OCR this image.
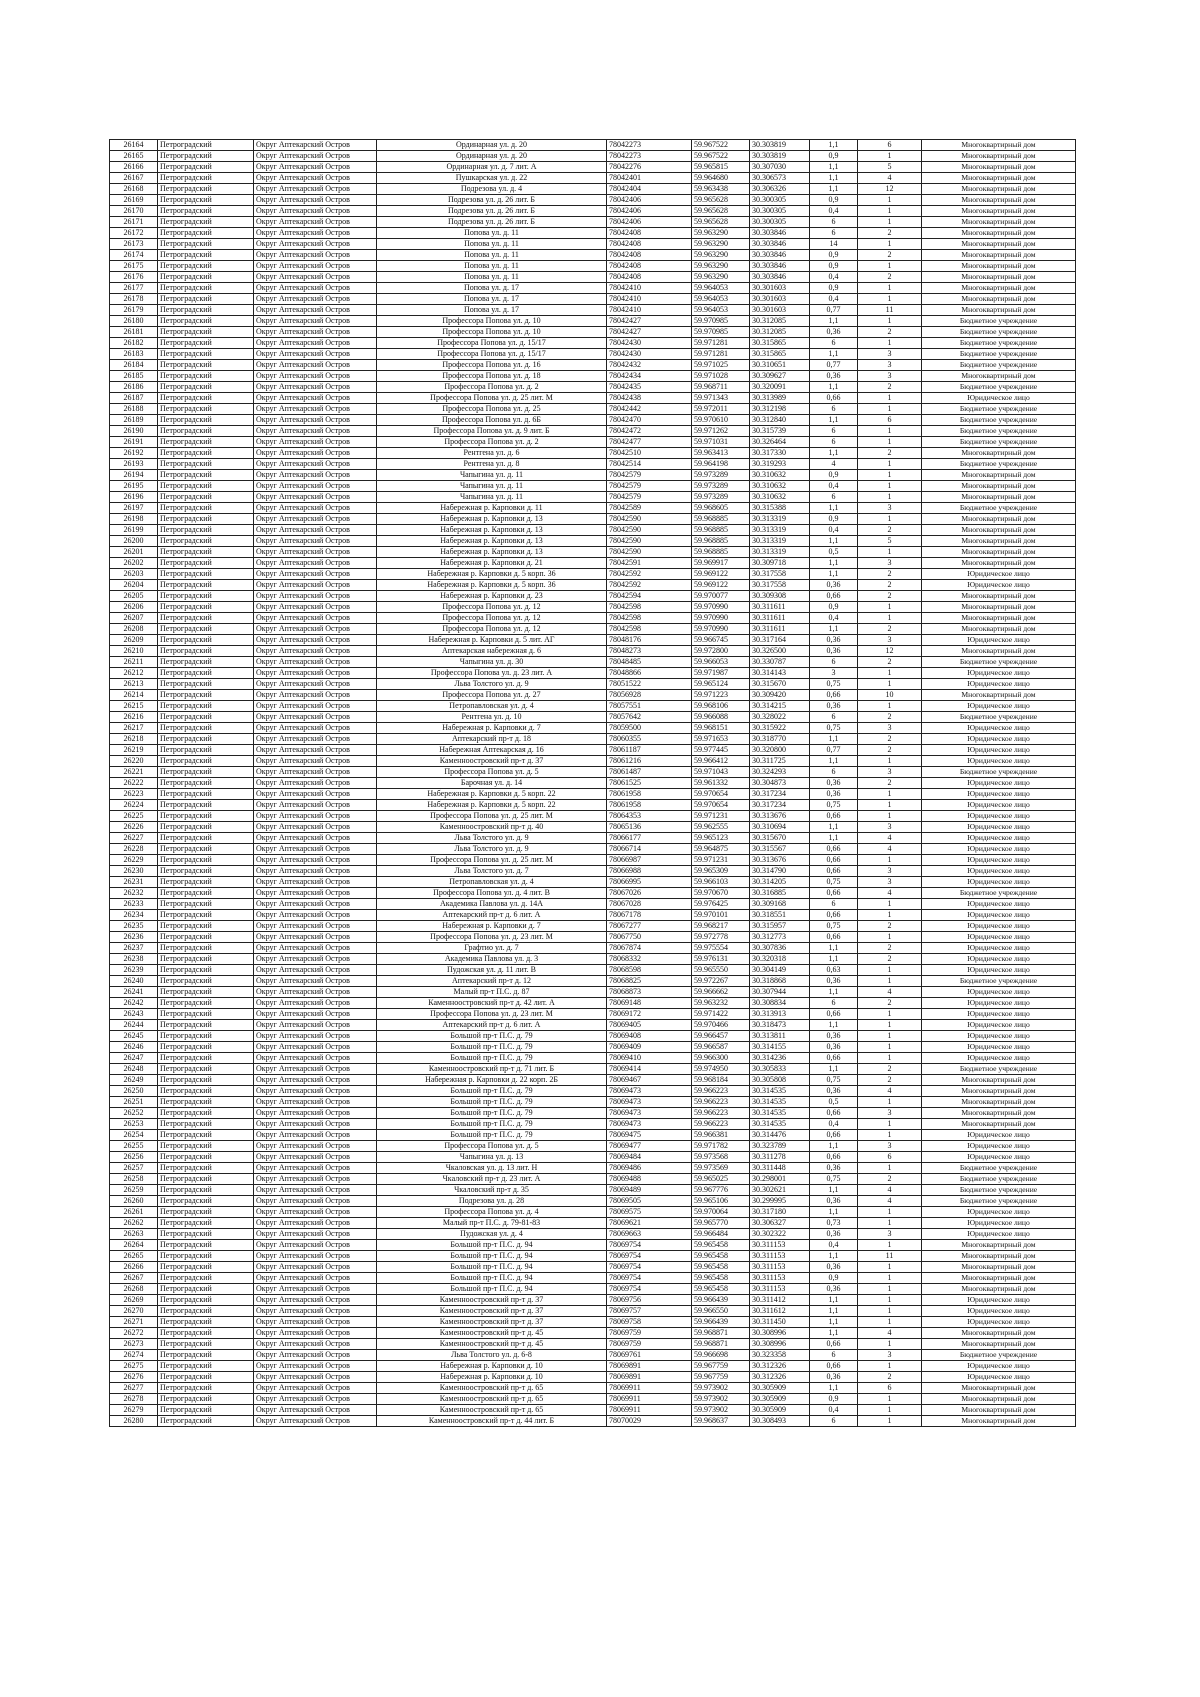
26164	Петроградский	Округ Аптекарский Остров	Ординарная ул. д. 20	78042273	59.967522	30.303819	1,1	6	Многоквартирный дом
26165	Петроградский	Округ Аптекарский Остров	Ординарная ул. д. 20	78042273	59.967522	30.303819	0,9	1	Многоквартирный дом
26166	Петроградский	Округ Аптекарский Остров	Ординарная ул. д. 7 лит. А	78042276	59.965815	30.307030	1,1	5	Многоквартирный дом
26167	Петроградский	Округ Аптекарский Остров	Пушкарская ул. д. 22	78042401	59.964680	30.306573	1,1	4	Многоквартирный дом
26168	Петроградский	Округ Аптекарский Остров	Подрезова ул. д. 4	78042404	59.963438	30.306326	1,1	12	Многоквартирный дом
26169	Петроградский	Округ Аптекарский Остров	Подрезова ул. д. 26 лит. Б	78042406	59.965628	30.300305	0,9	1	Многоквартирный дом
26170	Петроградский	Округ Аптекарский Остров	Подрезова ул. д. 26 лит. Б	78042406	59.965628	30.300305	0,4	1	Многоквартирный дом
26171	Петроградский	Округ Аптекарский Остров	Подрезова ул. д. 26 лит. Б	78042406	59.965628	30.300305	6	1	Многоквартирный дом
26172	Петроградский	Округ Аптекарский Остров	Попова ул. д. 11	78042408	59.963290	30.303846	6	2	Многоквартирный дом
26173	Петроградский	Округ Аптекарский Остров	Попова ул. д. 11	78042408	59.963290	30.303846	14	1	Многоквартирный дом
26174	Петроградский	Округ Аптекарский Остров	Попова ул. д. 11	78042408	59.963290	30.303846	0,9	2	Многоквартирный дом
26175	Петроградский	Округ Аптекарский Остров	Попова ул. д. 11	78042408	59.963290	30.303846	0,9	1	Многоквартирный дом
26176	Петроградский	Округ Аптекарский Остров	Попова ул. д. 11	78042408	59.963290	30.303846	0,4	2	Многоквартирный дом
26177	Петроградский	Округ Аптекарский Остров	Попова ул. д. 17	78042410	59.964053	30.301603	0,9	1	Многоквартирный дом
26178	Петроградский	Округ Аптекарский Остров	Попова ул. д. 17	78042410	59.964053	30.301603	0,4	1	Многоквартирный дом
26179	Петроградский	Округ Аптекарский Остров	Попова ул. д. 17	78042410	59.964053	30.301603	0,77	11	Многоквартирный дом
26180	Петроградский	Округ Аптекарский Остров	Профессора Попова ул. д. 10	78042427	59.970985	30.312085	1,1	1	Бюджетное учреждение
26181	Петроградский	Округ Аптекарский Остров	Профессора Попова ул. д. 10	78042427	59.970985	30.312085	0,36	2	Бюджетное учреждение
26182	Петроградский	Округ Аптекарский Остров	Профессора Попова ул. д. 15/17	78042430	59.971281	30.315865	6	1	Бюджетное учреждение
26183	Петроградский	Округ Аптекарский Остров	Профессора Попова ул. д. 15/17	78042430	59.971281	30.315865	1,1	3	Бюджетное учреждение
26184	Петроградский	Округ Аптекарский Остров	Профессора Попова ул. д. 16	78042432	59.971025	30.310651	0,77	3	Бюджетное учреждение
26185	Петроградский	Округ Аптекарский Остров	Профессора Попова ул. д. 18	78042434	59.971028	30.309627	0,36	3	Многоквартирный дом
26186	Петроградский	Округ Аптекарский Остров	Профессора Попова ул. д. 2	78042435	59.968711	30.320091	1,1	2	Бюджетное учреждение
26187	Петроградский	Округ Аптекарский Остров	Профессора Попова ул. д. 25 лит. М	78042438	59.971343	30.313989	0,66	1	Юридическое лицо
26188	Петроградский	Округ Аптекарский Остров	Профессора Попова ул. д. 25	78042442	59.972011	30.312198	6	1	Бюджетное учреждение
26189	Петроградский	Округ Аптекарский Остров	Профессора Попова ул. д. 6Б	78042470	59.970610	30.312840	1,1	6	Бюджетное учреждение
26190	Петроградский	Округ Аптекарский Остров	Профессора Попова ул. д. 9 лит. Б	78042472	59.971262	30.315739	6	1	Бюджетное учреждение
26191	Петроградский	Округ Аптекарский Остров	Профессора Попова ул. д. 2	78042477	59.971031	30.326464	6	1	Бюджетное учреждение
26192	Петроградский	Округ Аптекарский Остров	Рентгена ул. д. 6	78042510	59.963413	30.317330	1,1	2	Многоквартирный дом
26193	Петроградский	Округ Аптекарский Остров	Рентгена ул. д. 8	78042514	59.964198	30.319293	4	1	Бюджетное учреждение
26194	Петроградский	Округ Аптекарский Остров	Чапыгина ул. д. 11	78042579	59.973289	30.310632	0,9	1	Многоквартирный дом
26195	Петроградский	Округ Аптекарский Остров	Чапыгина ул. д. 11	78042579	59.973289	30.310632	0,4	1	Многоквартирный дом
26196	Петроградский	Округ Аптекарский Остров	Чапыгина ул. д. 11	78042579	59.973289	30.310632	6	1	Многоквартирный дом
26197	Петроградский	Округ Аптекарский Остров	Набережная р. Карповки д. 11	78042589	59.968605	30.315388	1,1	3	Бюджетное учреждение
26198	Петроградский	Округ Аптекарский Остров	Набережная р. Карповки д. 13	78042590	59.968885	30.313319	0,9	1	Многоквартирный дом
26199	Петроградский	Округ Аптекарский Остров	Набережная р. Карповки д. 13	78042590	59.968885	30.313319	0,4	2	Многоквартирный дом
26200	Петроградский	Округ Аптекарский Остров	Набережная р. Карповки д. 13	78042590	59.968885	30.313319	1,1	5	Многоквартирный дом
26201	Петроградский	Округ Аптекарский Остров	Набережная р. Карповки д. 13	78042590	59.968885	30.313319	0,5	1	Многоквартирный дом
26202	Петроградский	Округ Аптекарский Остров	Набережная р. Карповки д. 21	78042591	59.969917	30.309718	1,1	3	Многоквартирный дом
26203	Петроградский	Округ Аптекарский Остров	Набережная р. Карповки д. 5 корп. 36	78042592	59.969122	30.317558	1,1	2	Юридическое лицо
26204	Петроградский	Округ Аптекарский Остров	Набережная р. Карповки д. 5 корп. 36	78042592	59.969122	30.317558	0,36	2	Юридическое лицо
26205	Петроградский	Округ Аптекарский Остров	Набережная р. Карповки д. 23	78042594	59.970077	30.309308	0,66	2	Многоквартирный дом
26206	Петроградский	Округ Аптекарский Остров	Профессора Попова ул. д. 12	78042598	59.970990	30.311611	0,9	1	Многоквартирный дом
26207	Петроградский	Округ Аптекарский Остров	Профессора Попова ул. д. 12	78042598	59.970990	30.311611	0,4	1	Многоквартирный дом
26208	Петроградский	Округ Аптекарский Остров	Профессора Попова ул. д. 12	78042598	59.970990	30.311611	1,1	2	Многоквартирный дом
26209	Петроградский	Округ Аптекарский Остров	Набережная р. Карповки д. 5 лит. АГ	78048176	59.966745	30.317164	0,36	3	Юридическое лицо
26210	Петроградский	Округ Аптекарский Остров	Аптекарская набережная д. 6	78048273	59.972800	30.326500	0,36	12	Многоквартирный дом
26211	Петроградский	Округ Аптекарский Остров	Чапыгина ул. д. 30	78048485	59.966053	30.330787	6	2	Бюджетное учреждение
26212	Петроградский	Округ Аптекарский Остров	Профессора Попова ул. д. 23 лит. А	78048866	59.971987	30.314143	3	1	Юридическое лицо
26213	Петроградский	Округ Аптекарский Остров	Льва Толстого ул. д. 9	78051522	59.965124	30.315670	0,75	1	Юридическое лицо
26214	Петроградский	Округ Аптекарский Остров	Профессора Попова ул. д. 27	78056928	59.971223	30.309420	0,66	10	Многоквартирный дом
26215	Петроградский	Округ Аптекарский Остров	Петропавловская ул. д. 4	78057551	59.968106	30.314215	0,36	1	Юридическое лицо
26216	Петроградский	Округ Аптекарский Остров	Рентгена ул. д. 10	78057642	59.966088	30.328022	6	2	Бюджетное учреждение
26217	Петроградский	Округ Аптекарский Остров	Набережная р. Карповки д. 7	78059500	59.968151	30.315922	0,75	3	Юридическое лицо
26218	Петроградский	Округ Аптекарский Остров	Аптекарский пр-т д. 18	78060355	59.971653	30.318770	1,1	2	Юридическое лицо
26219	Петроградский	Округ Аптекарский Остров	Набережная Аптекарская д. 16	78061187	59.977445	30.320800	0,77	2	Юридическое лицо
26220	Петроградский	Округ Аптекарский Остров	Каменноостровский пр-т д. 37	78061216	59.966412	30.311725	1,1	1	Юридическое лицо
26221	Петроградский	Округ Аптекарский Остров	Профессора Попова ул. д. 5	78061487	59.971043	30.324293	6	3	Бюджетное учреждение
26222	Петроградский	Округ Аптекарский Остров	Барочная ул. д. 14	78061525	59.961332	30.304873	0,36	2	Юридическое лицо
26223	Петроградский	Округ Аптекарский Остров	Набережная р. Карповки д. 5 корп. 22	78061958	59.970654	30.317234	0,36	1	Юридическое лицо
26224	Петроградский	Округ Аптекарский Остров	Набережная р. Карповки д. 5 корп. 22	78061958	59.970654	30.317234	0,75	1	Юридическое лицо
26225	Петроградский	Округ Аптекарский Остров	Профессора Попова ул. д. 25 лит. М	78064353	59.971231	30.313676	0,66	1	Юридическое лицо
26226	Петроградский	Округ Аптекарский Остров	Каменноостровский пр-т д. 40	78065136	59.962555	30.310694	1,1	3	Юридическое лицо
26227	Петроградский	Округ Аптекарский Остров	Льва Толстого ул. д. 9	78066177	59.965123	30.315670	1,1	4	Юридическое лицо
26228	Петроградский	Округ Аптекарский Остров	Льва Толстого ул. д. 9	78066714	59.964875	30.315567	0,66	4	Юридическое лицо
26229	Петроградский	Округ Аптекарский Остров	Профессора Попова ул. д. 25 лит. М	78066987	59.971231	30.313676	0,66	1	Юридическое лицо
26230	Петроградский	Округ Аптекарский Остров	Льва Толстого ул. д. 7	78066988	59.965309	30.314790	0,66	3	Юридическое лицо
26231	Петроградский	Округ Аптекарский Остров	Петропавловская ул. д. 4	78066995	59.966103	30.314205	0,75	3	Юридическое лицо
26232	Петроградский	Округ Аптекарский Остров	Профессора Попова ул. д. 4 лит. В	78067026	59.970670	30.316885	0,66	4	Бюджетное учреждение
26233	Петроградский	Округ Аптекарский Остров	Академика Павлова ул. д. 14А	78067028	59.976425	30.309168	6	1	Юридическое лицо
26234	Петроградский	Округ Аптекарский Остров	Аптекарский пр-т д. 6 лит. А	78067178	59.970101	30.318551	0,66	1	Юридическое лицо
26235	Петроградский	Округ Аптекарский Остров	Набережная р. Карповки д. 7	78067277	59.968217	30.315957	0,75	2	Юридическое лицо
26236	Петроградский	Округ Аптекарский Остров	Профессора Попова ул. д. 23 лит. М	78067750	59.972778	30.312773	0,66	1	Юридическое лицо
26237	Петроградский	Округ Аптекарский Остров	Графтио ул. д. 7	78067874	59.975554	30.307836	1,1	2	Юридическое лицо
26238	Петроградский	Округ Аптекарский Остров	Академика Павлова ул. д. 3	78068332	59.976131	30.320318	1,1	2	Юридическое лицо
26239	Петроградский	Округ Аптекарский Остров	Пудожская ул. д. 11 лит. В	78068598	59.965550	30.304149	0,63	1	Юридическое лицо
26240	Петроградский	Округ Аптекарский Остров	Аптекарский пр-т д. 12	78068825	59.972267	30.318868	0,36	1	Бюджетное учреждение
26241	Петроградский	Округ Аптекарский Остров	Малый пр-т П.С. д. 87	78068873	59.966662	30.307944	1,1	4	Юридическое лицо
26242	Петроградский	Округ Аптекарский Остров	Каменноостровский пр-т д. 42 лит. А	78069148	59.963232	30.308834	6	2	Юридическое лицо
26243	Петроградский	Округ Аптекарский Остров	Профессора Попова ул. д. 23 лит. М	78069172	59.971422	30.313913	0,66	1	Юридическое лицо
26244	Петроградский	Округ Аптекарский Остров	Аптекарский пр-т д. 6 лит. А	78069405	59.970466	30.318473	1,1	1	Юридическое лицо
26245	Петроградский	Округ Аптекарский Остров	Большой пр-т П.С. д. 79	78069408	59.966457	30.313811	0,36	1	Юридическое лицо
26246	Петроградский	Округ Аптекарский Остров	Большой пр-т П.С. д. 79	78069409	59.966587	30.314155	0,36	1	Юридическое лицо
26247	Петроградский	Округ Аптекарский Остров	Большой пр-т П.С. д. 79	78069410	59.966300	30.314236	0,66	1	Юридическое лицо
26248	Петроградский	Округ Аптекарский Остров	Каменноостровский пр-т д. 71 лит. Б	78069414	59.974950	30.305833	1,1	2	Бюджетное учреждение
26249	Петроградский	Округ Аптекарский Остров	Набережная р. Карповки д. 22 корп. 2Б	78069467	59.968184	30.305808	0,75	2	Многоквартирный дом
26250	Петроградский	Округ Аптекарский Остров	Большой пр-т П.С. д. 79	78069473	59.966223	30.314535	0,36	4	Многоквартирный дом
26251	Петроградский	Округ Аптекарский Остров	Большой пр-т П.С. д. 79	78069473	59.966223	30.314535	0,5	1	Многоквартирный дом
26252	Петроградский	Округ Аптекарский Остров	Большой пр-т П.С. д. 79	78069473	59.966223	30.314535	0,66	3	Многоквартирный дом
26253	Петроградский	Округ Аптекарский Остров	Большой пр-т П.С. д. 79	78069473	59.966223	30.314535	0,4	1	Многоквартирный дом
26254	Петроградский	Округ Аптекарский Остров	Большой пр-т П.С. д. 79	78069475	59.966381	30.314476	0,66	1	Юридическое лицо
26255	Петроградский	Округ Аптекарский Остров	Профессора Попова ул. д. 5	78069477	59.971782	30.323789	1,1	3	Юридическое лицо
26256	Петроградский	Округ Аптекарский Остров	Чапыгина ул. д. 13	78069484	59.973568	30.311278	0,66	6	Юридическое лицо
26257	Петроградский	Округ Аптекарский Остров	Чкаловская ул. д. 13 лит. Н	78069486	59.973569	30.311448	0,36	1	Бюджетное учреждение
26258	Петроградский	Округ Аптекарский Остров	Чкаловский пр-т д. 23 лит. А	78069488	59.965025	30.298001	0,75	2	Бюджетное учреждение
26259	Петроградский	Округ Аптекарский Остров	Чкаловский пр-т д. 35	78069489	59.967776	30.302621	1,1	4	Бюджетное учреждение
26260	Петроградский	Округ Аптекарский Остров	Подрезова ул. д. 28	78069505	59.965106	30.299995	0,36	4	Бюджетное учреждение
26261	Петроградский	Округ Аптекарский Остров	Профессора Попова ул. д. 4	78069575	59.970064	30.317180	1,1	1	Юридическое лицо
26262	Петроградский	Округ Аптекарский Остров	Малый пр-т П.С. д. 79-81-83	78069621	59.965770	30.306327	0,73	1	Юридическое лицо
26263	Петроградский	Округ Аптекарский Остров	Пудожская ул. д. 4	78069663	59.966484	30.302322	0,36	3	Юридическое лицо
26264	Петроградский	Округ Аптекарский Остров	Большой пр-т П.С. д. 94	78069754	59.965458	30.311153	0,4	1	Многоквартирный дом
26265	Петроградский	Округ Аптекарский Остров	Большой пр-т П.С. д. 94	78069754	59.965458	30.311153	1,1	11	Многоквартирный дом
26266	Петроградский	Округ Аптекарский Остров	Большой пр-т П.С. д. 94	78069754	59.965458	30.311153	0,36	1	Многоквартирный дом
26267	Петроградский	Округ Аптекарский Остров	Большой пр-т П.С. д. 94	78069754	59.965458	30.311153	0,9	1	Многоквартирный дом
26268	Петроградский	Округ Аптекарский Остров	Большой пр-т П.С. д. 94	78069754	59.965458	30.311153	0,36	1	Многоквартирный дом
26269	Петроградский	Округ Аптекарский Остров	Каменноостровский пр-т д. 37	78069756	59.966439	30.311412	1,1	1	Юридическое лицо
26270	Петроградский	Округ Аптекарский Остров	Каменноостровский пр-т д. 37	78069757	59.966550	30.311612	1,1	1	Юридическое лицо
26271	Петроградский	Округ Аптекарский Остров	Каменноостровский пр-т д. 37	78069758	59.966439	30.311450	1,1	1	Юридическое лицо
26272	Петроградский	Округ Аптекарский Остров	Каменноостровский пр-т д. 45	78069759	59.968871	30.308996	1,1	4	Многоквартирный дом
26273	Петроградский	Округ Аптекарский Остров	Каменноостровский пр-т д. 45	78069759	59.968871	30.308996	0,66	1	Многоквартирный дом
26274	Петроградский	Округ Аптекарский Остров	Льва Толстого ул. д. 6-8	78069761	59.966698	30.323358	6	3	Бюджетное учреждение
26275	Петроградский	Округ Аптекарский Остров	Набережная р. Карповки д. 10	78069891	59.967759	30.312326	0,66	1	Юридическое лицо
26276	Петроградский	Округ Аптекарский Остров	Набережная р. Карповки д. 10	78069891	59.967759	30.312326	0,36	2	Юридическое лицо
26277	Петроградский	Округ Аптекарский Остров	Каменноостровский пр-т д. 65	78069911	59.973902	30.305909	1,1	6	Многоквартирный дом
26278	Петроградский	Округ Аптекарский Остров	Каменноостровский пр-т д. 65	78069911	59.973902	30.305909	0,9	1	Многоквартирный дом
26279	Петроградский	Округ Аптекарский Остров	Каменноостровский пр-т д. 65	78069911	59.973902	30.305909	0,4	1	Многоквартирный дом
26280	Петроградский	Округ Аптекарский Остров	Каменноостровский пр-т д. 44 лит. Б	78070029	59.968637	30.308493	6	1	Многоквартирный дом
